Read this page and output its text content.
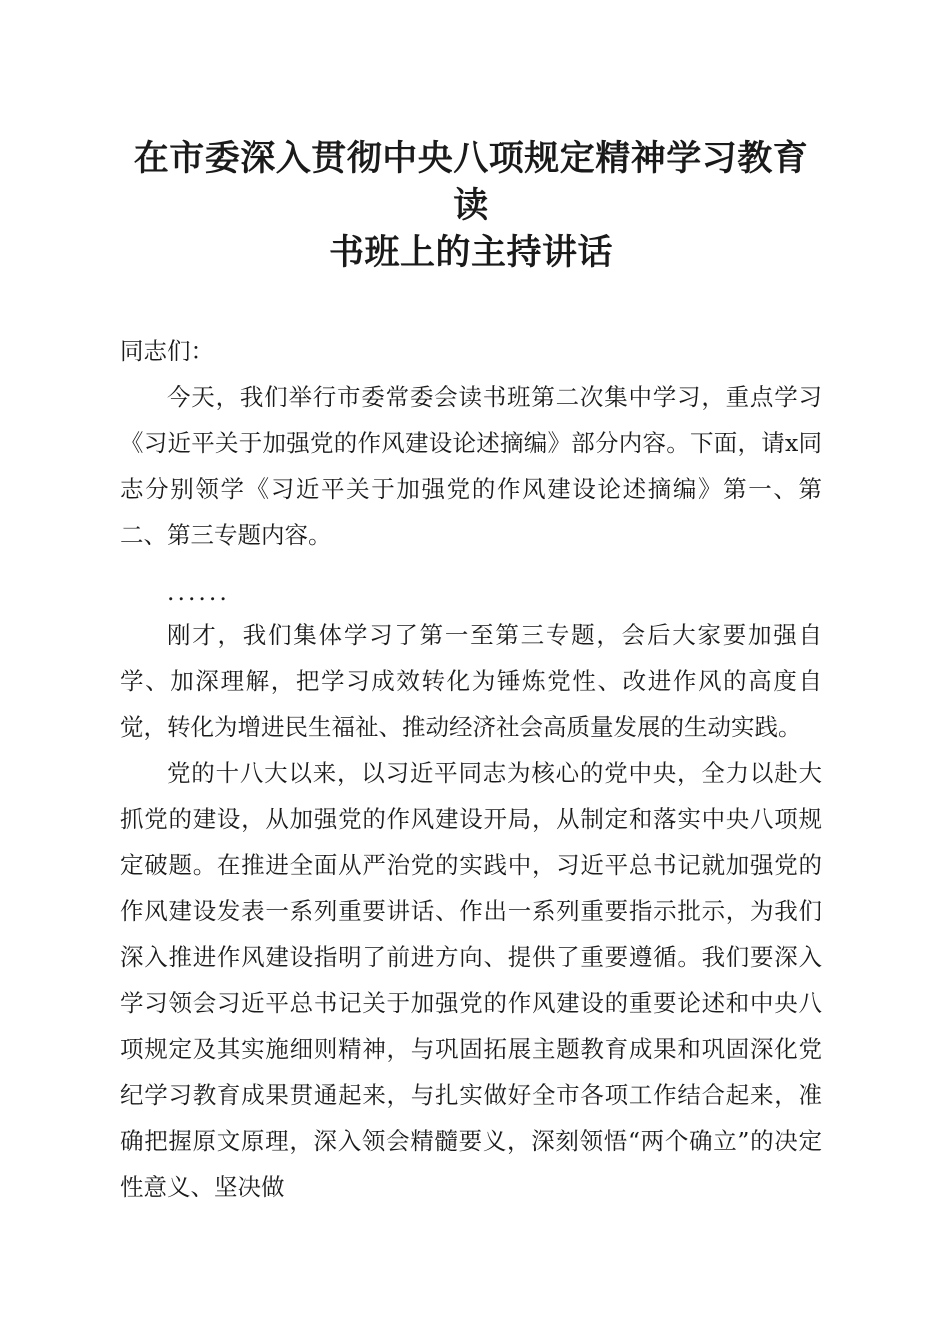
在市委深入贯彻中央八项规定精神学习教育读
书班上的主持讲话

同志们：

今天，我们举行市委常委会读书班第二次集中学习，重点学习《习近平关于加强党的作风建设论述摘编》部分内容。下面，请x同志分别领学《习近平关于加强党的作风建设论述摘编》第一、第二、第三专题内容。

......

刚才，我们集体学习了第一至第三专题，会后大家要加强自学、加深理解，把学习成效转化为锤炼党性、改进作风的高度自觉，转化为增进民生福祉、推动经济社会高质量发展的生动实践。

党的十八大以来，以习近平同志为核心的党中央，全力以赴大抓党的建设，从加强党的作风建设开局，从制定和落实中央八项规定破题。在推进全面从严治党的实践中，习近平总书记就加强党的作风建设发表一系列重要讲话、作出一系列重要指示批示，为我们深入推进作风建设指明了前进方向、提供了重要遵循。我们要深入学习领会习近平总书记关于加强党的作风建设的重要论述和中央八项规定及其实施细则精神，与巩固拓展主题教育成果和巩固深化党纪学习教育成果贯通起来，与扎实做好全市各项工作结合起来，准确把握原文原理，深入领会精髓要义，深刻领悟“两个确立”的决定性意义、坚决做
